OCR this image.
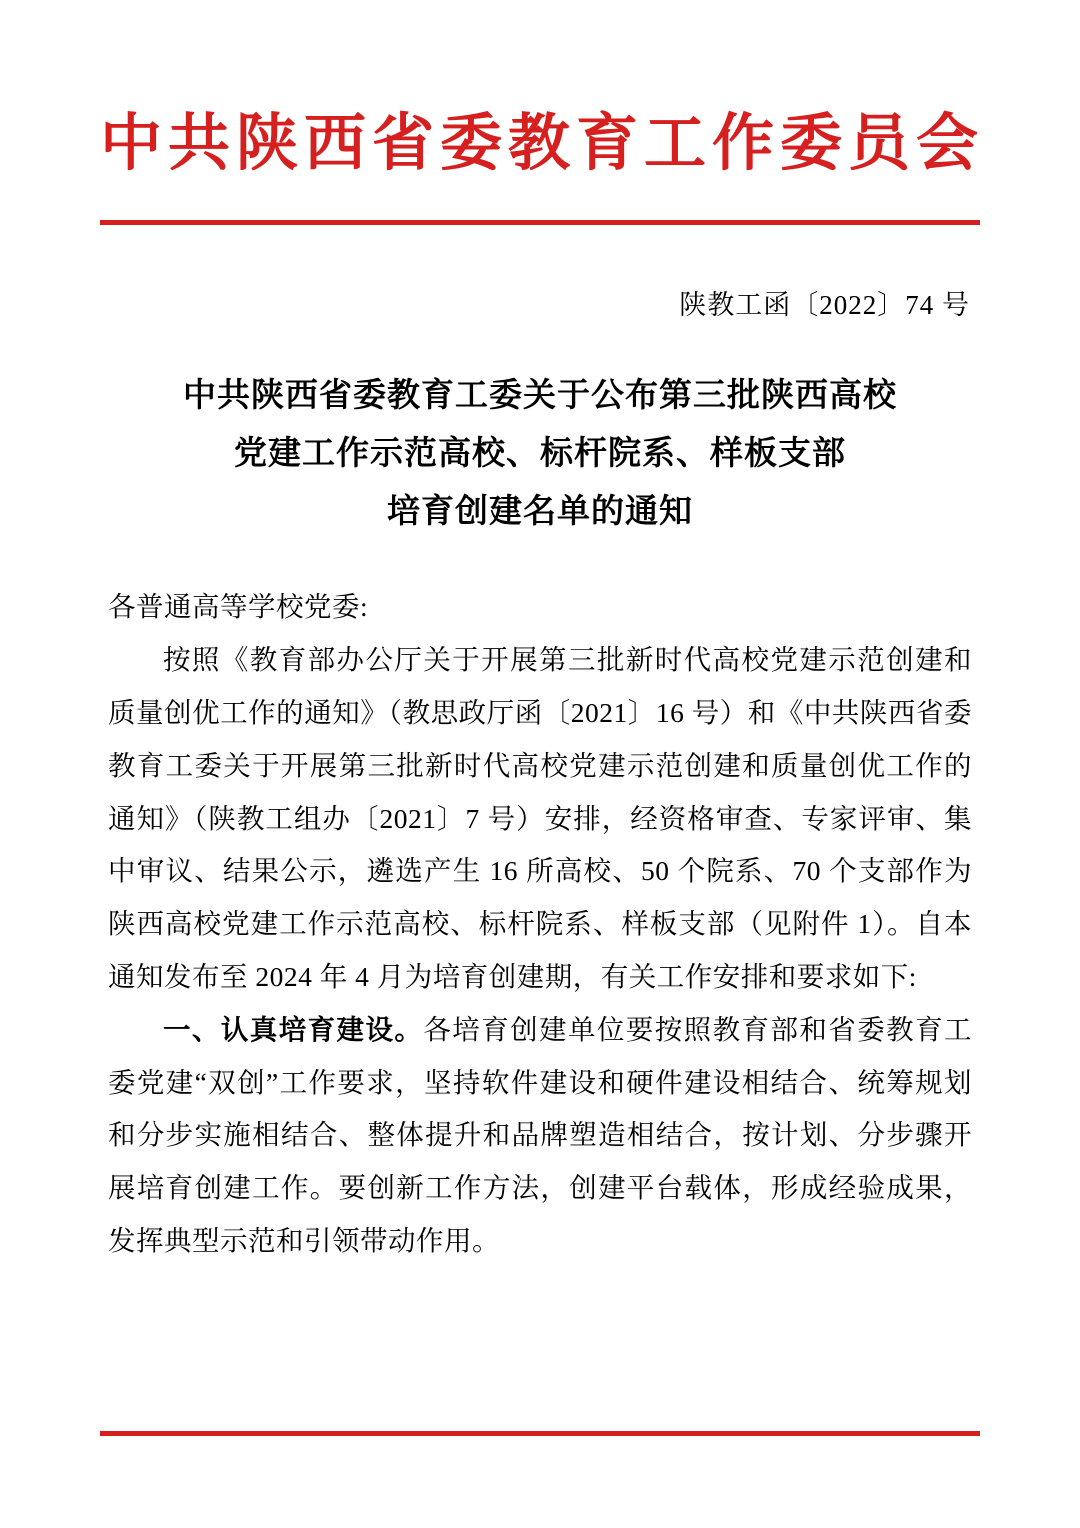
中共陕西省委教育工作委员会
陕教工函〔2022〕74 号
中共陕西省委教育工委关于公布第三批陕西高校
党建工作示范高校、标杆院系、样板支部
培育创建名单的通知

各普通高等学校党委:

按照《教育部办公厅关于开展第三批新时代高校党建示范创建和质量创优工作的通知》（教思政厅函〔2021〕16 号）和《中共陕西省委教育工委关于开展第三批新时代高校党建示范创建和质量创优工作的通知》（陕教工组办〔2021〕7 号）安排，经资格审查、专家评审、集中审议、结果公示，遴选产生 16 所高校、50 个院系、70 个支部作为陕西高校党建工作示范高校、标杆院系、样板支部（见附件 1）。自本通知发布至 2024 年 4 月为培育创建期，有关工作安排和要求如下:

一、认真培育建设。各培育创建单位要按照教育部和省委教育工委党建“双创”工作要求，坚持软件建设和硬件建设相结合、统筹规划和分步实施相结合、整体提升和品牌塑造相结合，按计划、分步骤开展培育创建工作。要创新工作方法，创建平台载体，形成经验成果，发挥典型示范和引领带动作用。
